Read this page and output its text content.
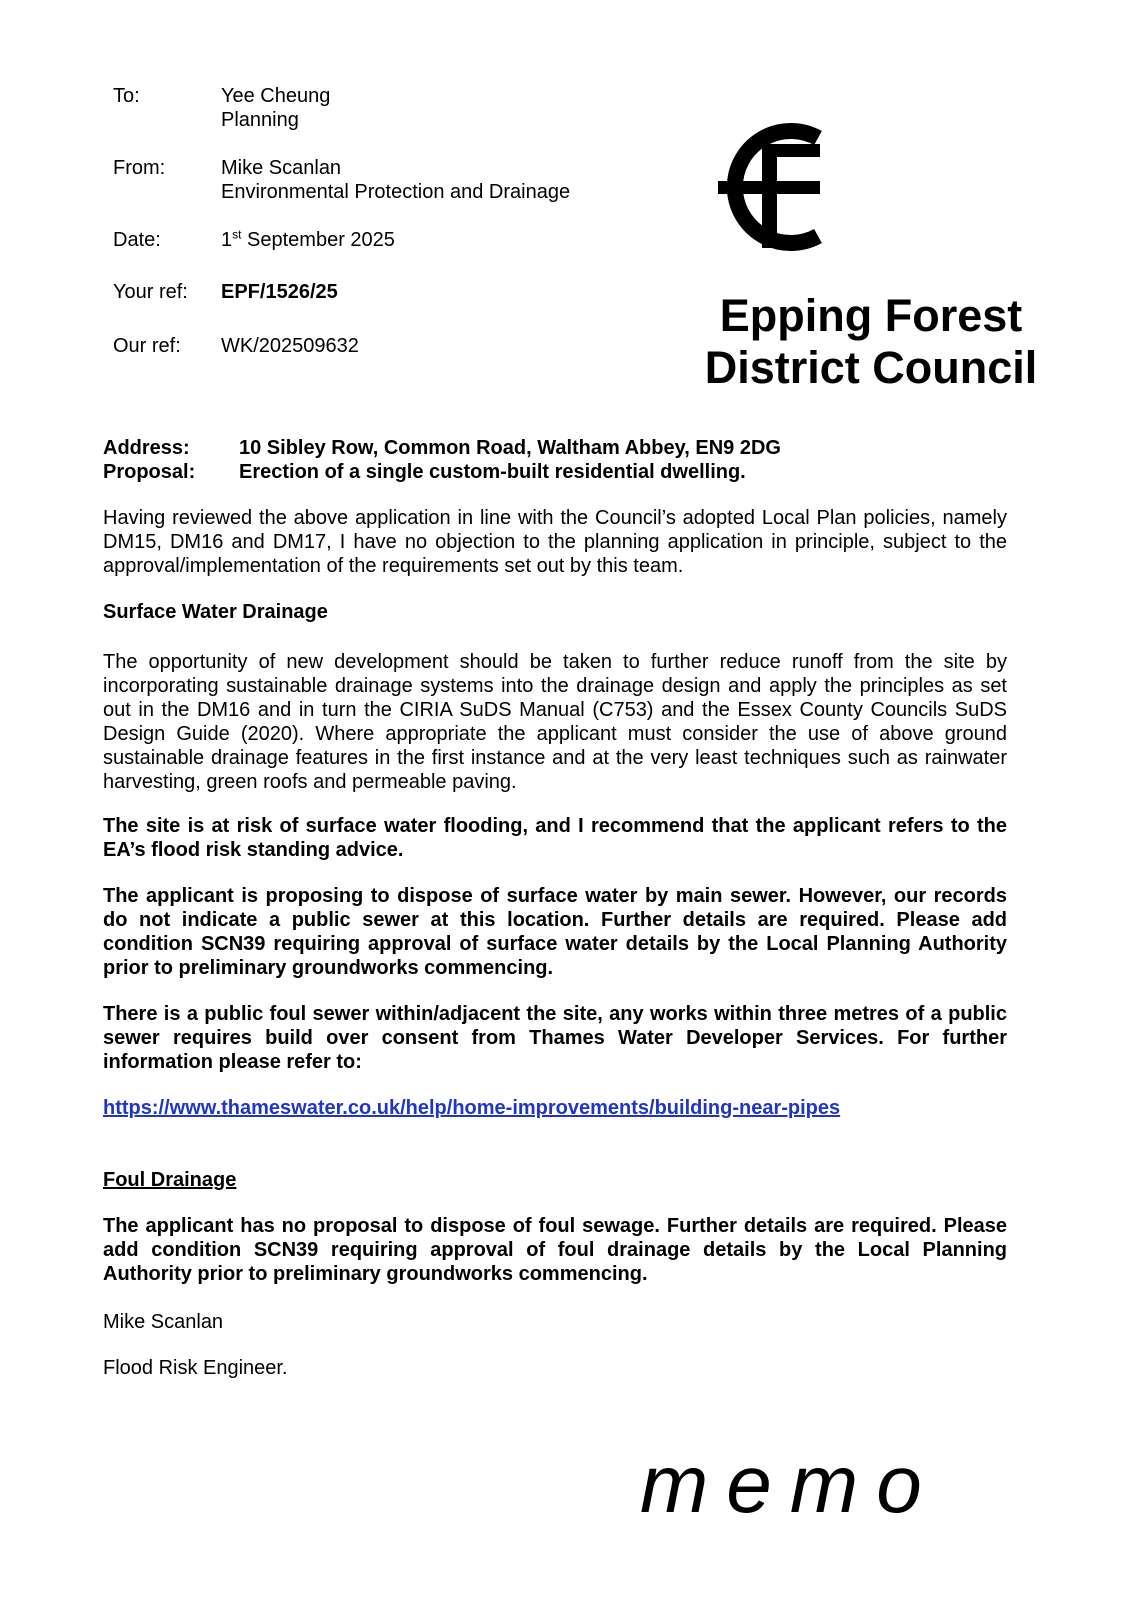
To:	Yee Cheung
Planning
From:	Mike Scanlan
Environmental Protection and Drainage
Date:	1st September 2025
Your ref: EPF/1526/25
Our ref: WK/202509632
Epping Forest
District Council
Address: 10 Sibley Row, Common Road, Waltham Abbey, EN9 2DG
Proposal: Erection of a single custom-built residential dwelling.
Having reviewed the above application in line with the Council’s adopted Local Plan policies, namely DM15, DM16 and DM17, I have no objection to the planning application in principle, subject to the approval/implementation of the requirements set out by this team.
Surface Water Drainage
The opportunity of new development should be taken to further reduce runoff from the site by incorporating sustainable drainage systems into the drainage design and apply the principles as set out in the DM16 and in turn the CIRIA SuDS Manual (C753) and the Essex County Councils SuDS Design Guide (2020). Where appropriate the applicant must consider the use of above ground sustainable drainage features in the first instance and at the very least techniques such as rainwater harvesting, green roofs and permeable paving.
The site is at risk of surface water flooding, and I recommend that the applicant refers to the EA’s flood risk standing advice.
The applicant is proposing to dispose of surface water by main sewer. However, our records do not indicate a public sewer at this location. Further details are required. Please add condition SCN39 requiring approval of surface water details by the Local Planning Authority prior to preliminary groundworks commencing.
There is a public foul sewer within/adjacent the site, any works within three metres of a public sewer requires build over consent from Thames Water Developer Services. For further information please refer to:
https://www.thameswater.co.uk/help/home-improvements/building-near-pipes
Foul Drainage
The applicant has no proposal to dispose of foul sewage. Further details are required. Please add condition SCN39 requiring approval of foul drainage details by the Local Planning Authority prior to preliminary groundworks commencing.
Mike Scanlan
Flood Risk Engineer.
memo
